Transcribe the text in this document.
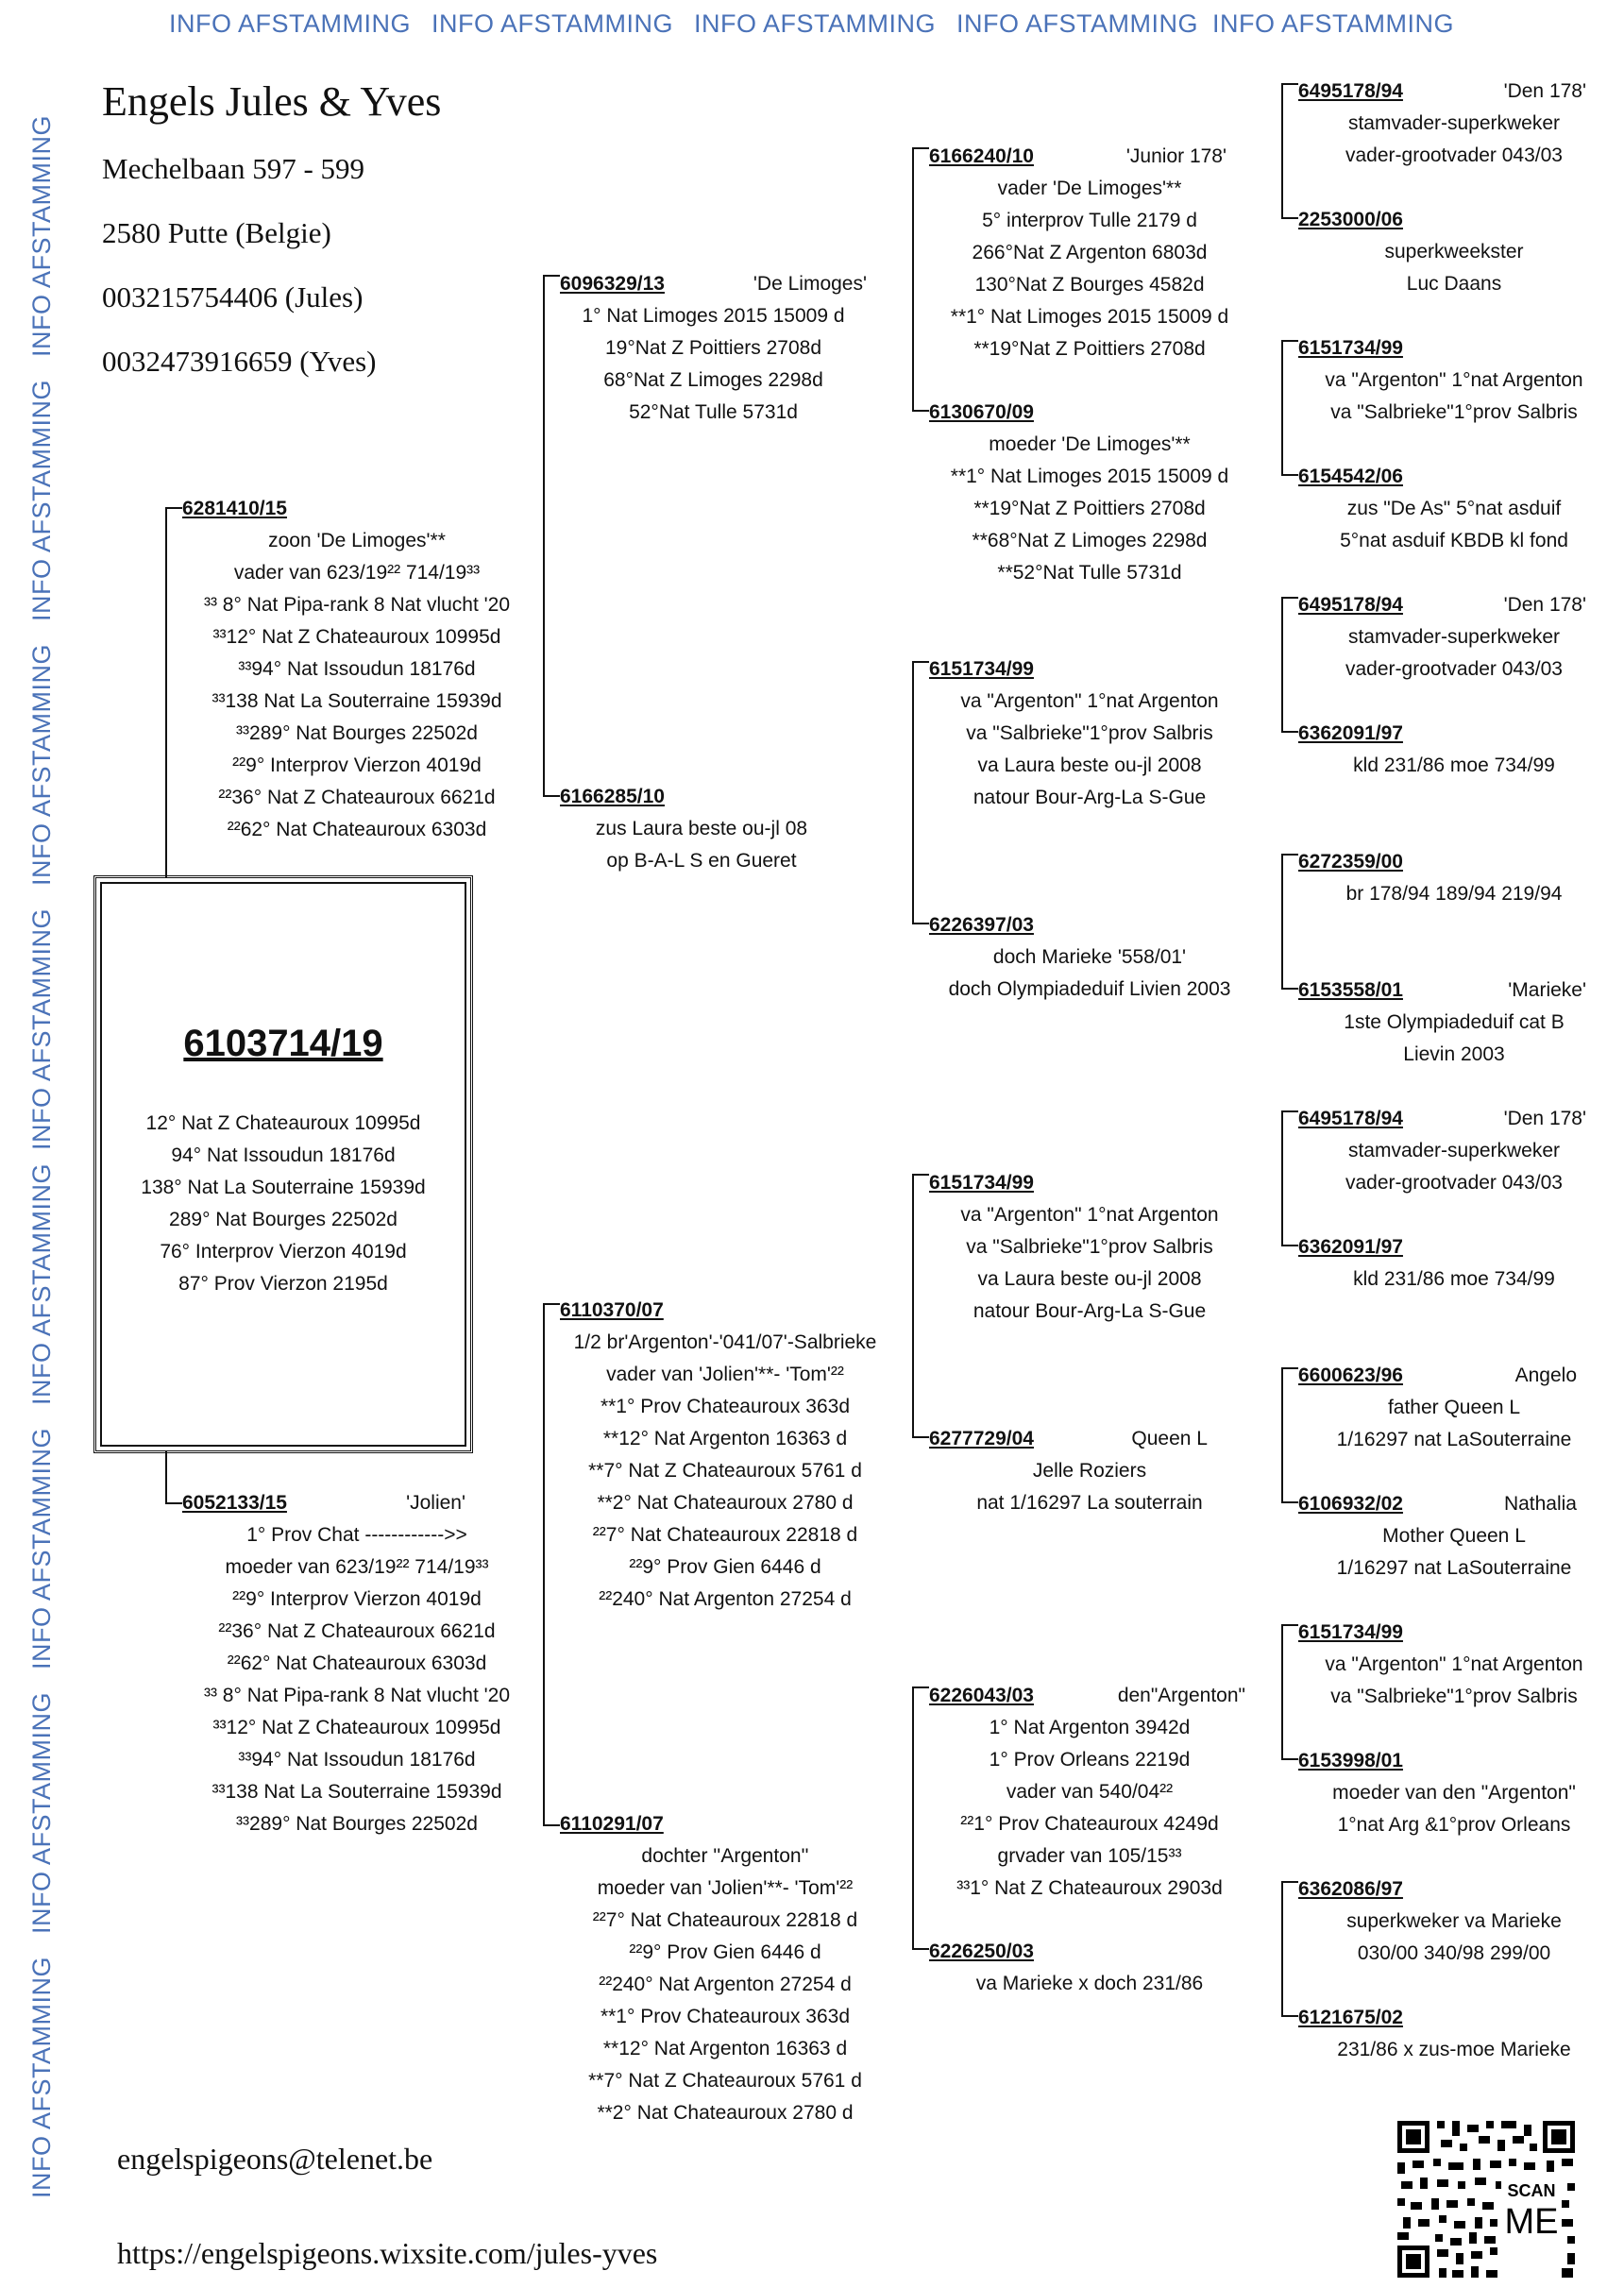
INFO AFSTAMMING INFO AFSTAMMING INFO AFSTAMMING INFO AFSTAMMING INFO AFSTAMMING
INFO AFSTAMMING
INFO AFSTAMMING
INFO AFSTAMMING
INFO AFSTAMMING
INFO AFSTAMMING
INFO AFSTAMMING
INFO AFSTAMMING
INFO AFSTAMMING
Engels Jules & Yves
Mechelbaan 597 - 599
2580 Putte (Belgie)
003215754406 (Jules)
0032473916659 (Yves)
6103714/19
12° Nat Z Chateauroux 10995d
94° Nat Issoudun 18176d
138° Nat La Souterraine 15939d
289° Nat Bourges 22502d
76° Interprov Vierzon 4019d
87° Prov Vierzon 2195d
6281410/15
zoon 'De Limoges'**
vader van 623/19²² 714/19³³
³³ 8° Nat Pipa-rank 8 Nat vlucht '20
³³12° Nat Z Chateauroux 10995d
³³94° Nat Issoudun 18176d
³³138 Nat La Souterraine 15939d
³³289° Nat Bourges 22502d
²²9° Interprov Vierzon 4019d
²²36° Nat Z Chateauroux 6621d
²²62° Nat Chateauroux 6303d
6052133/15	'Jolien'
1° Prov Chat ------------>>
moeder van 623/19²² 714/19³³
²²9° Interprov Vierzon 4019d
²²36° Nat Z Chateauroux 6621d
²²62° Nat Chateauroux 6303d
³³ 8° Nat Pipa-rank 8 Nat vlucht '20
³³12° Nat Z Chateauroux 10995d
³³94° Nat Issoudun 18176d
³³138 Nat La Souterraine 15939d
³³289° Nat Bourges 22502d
6096329/13	'De Limoges'
1° Nat Limoges 2015 15009 d
19°Nat Z Poittiers 2708d
68°Nat Z Limoges 2298d
52°Nat Tulle 5731d
6166285/10
zus Laura beste ou-jl 08
op B-A-L S en Gueret
6110370/07
1/2 br'Argenton'-'041/07'-Salbrieke
vader van 'Jolien'**- 'Tom'²²
**1° Prov Chateauroux 363d
**12° Nat Argenton 16363 d
**7° Nat Z Chateauroux 5761 d
**2° Nat Chateauroux 2780 d
²²7° Nat Chateauroux 22818 d
²²9° Prov Gien 6446 d
²²240° Nat Argenton 27254 d
6110291/07
dochter ''Argenton''
moeder van 'Jolien'**- 'Tom'²²
²²7° Nat Chateauroux 22818 d
²²9° Prov Gien 6446 d
²²240° Nat Argenton 27254 d
**1° Prov Chateauroux 363d
**12° Nat Argenton 16363 d
**7° Nat Z Chateauroux 5761 d
**2° Nat Chateauroux 2780 d
6166240/10	'Junior 178'
vader 'De Limoges'**
5° interprov Tulle 2179 d
266°Nat Z Argenton 6803d
130°Nat Z Bourges 4582d
**1° Nat Limoges 2015 15009 d
**19°Nat Z Poittiers 2708d
6130670/09
moeder 'De Limoges'**
**1° Nat Limoges 2015 15009 d
**19°Nat Z Poittiers 2708d
**68°Nat Z Limoges 2298d
**52°Nat Tulle 5731d
6151734/99
va "Argenton" 1°nat Argenton
va "Salbrieke"1°prov Salbris
va Laura beste ou-jl 2008
natour Bour-Arg-La S-Gue
6226397/03
doch Marieke '558/01'
doch Olympiadeduif Livien 2003
6151734/99
va "Argenton" 1°nat Argenton
va "Salbrieke"1°prov Salbris
va Laura beste ou-jl 2008
natour Bour-Arg-La S-Gue
6277729/04	Queen L
Jelle Roziers
nat 1/16297 La souterrain
6226043/03	den"Argenton"
1° Nat Argenton 3942d
1° Prov Orleans 2219d
vader van 540/04²²
²²1° Prov Chateauroux 4249d
grvader van 105/15³³
³³1° Nat Z Chateauroux 2903d
6226250/03
va Marieke x doch 231/86
6495178/94	'Den 178'
stamvader-superkweker
vader-grootvader 043/03
2253000/06
superkweekster
Luc Daans
6151734/99
va "Argenton" 1°nat Argenton
va "Salbrieke"1°prov Salbris
6154542/06
zus "De As" 5°nat asduif
5°nat asduif KBDB kl fond
6495178/94	'Den 178'
stamvader-superkweker
vader-grootvader 043/03
6362091/97
kld 231/86 moe 734/99
6272359/00
br 178/94 189/94 219/94
6153558/01	'Marieke'
1ste Olympiadeduif cat B
Lievin 2003
6495178/94	'Den 178'
stamvader-superkweker
vader-grootvader 043/03
6362091/97
kld 231/86 moe 734/99
6600623/96	Angelo
father Queen L
1/16297 nat LaSouterraine
6106932/02	Nathalia
Mother Queen L
1/16297 nat LaSouterraine
6151734/99
va "Argenton" 1°nat Argenton
va "Salbrieke"1°prov Salbris
6153998/01
moeder van den "Argenton"
1°nat Arg &1°prov Orleans
6362086/97
superkweker va Marieke
030/00 340/98 299/00
6121675/02
231/86 x zus-moe Marieke
engelspigeons@telenet.be
https://engelspigeons.wixsite.com/jules-yves
SCAN
ME
